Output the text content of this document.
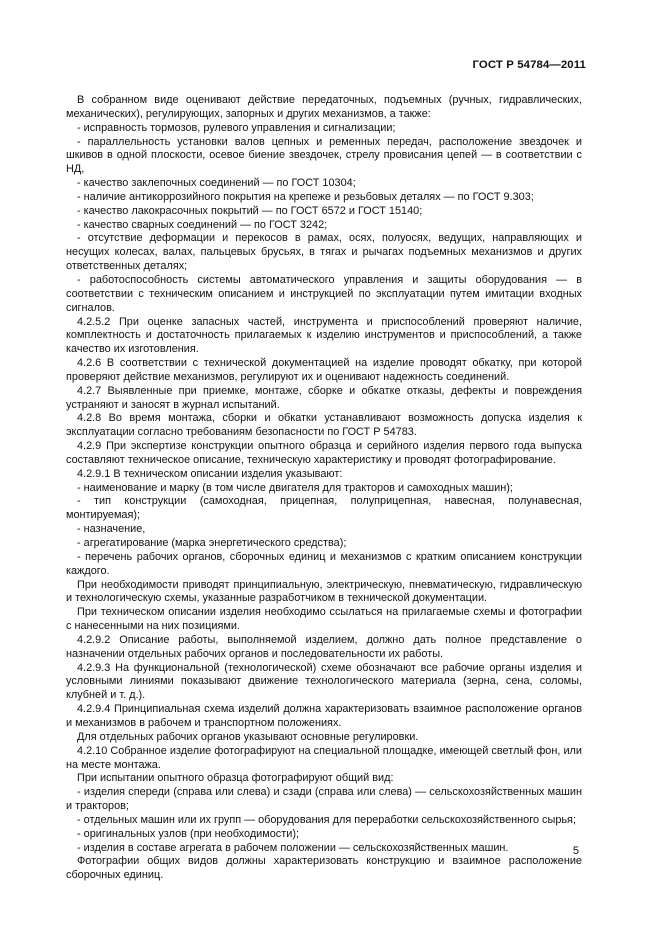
ГОСТ Р 54784—2011

В собранном виде оценивают действие передаточных, подъемных (ручных, гидравлических, механических), регулирующих, запорных и других механизмов, а также:

- исправность тормозов, рулевого управления и сигнализации;

- параллельность установки валов цепных и ременных передач, расположение звездочек и шкивов в одной плоскости, осевое биение звездочек, стрелу провисания цепей — в соответствии с НД,

- качество заклепочных соединений — по ГОСТ 10304;

- наличие антикоррозийного покрытия на крепеже и резьбовых деталях — по ГОСТ 9.303;

- качество лакокрасочных покрытий — по ГОСТ 6572 и ГОСТ 15140;

- качество сварных соединений — по ГОСТ 3242;

- отсутствие деформации и перекосов в рамах, осях, полуосях, ведущих, направляющих и несущих колесах, валах, пальцевых брусьях, в тягах и рычагах подъемных механизмов и других ответственных деталях;

- работоспособность системы автоматического управления и защиты оборудования — в соответствии с техническим описанием и инструкцией по эксплуатации путем имитации входных сигналов.

4.2.5.2 При оценке запасных частей, инструмента и приспособлений проверяют наличие, комплектность и достаточность прилагаемых к изделию инструментов и приспособлений, а также качество их изготовления.

4.2.6 В соответствии с технической документацией на изделие проводят обкатку, при которой проверяют действие механизмов, регулируют их и оценивают надежность соединений.

4.2.7 Выявленные при приемке, монтаже, сборке и обкатке отказы, дефекты и повреждения устраняют и заносят в журнал испытаний.

4.2.8 Во время монтажа, сборки и обкатки устанавливают возможность допуска изделия к эксплуатации согласно требованиям безопасности по ГОСТ Р 54783.

4.2.9 При экспертизе конструкции опытного образца и серийного изделия первого года выпуска составляют техническое описание, техническую характеристику и проводят фотографирование.

4.2.9.1 В техническом описании изделия указывают:

- наименование и марку (в том числе двигателя для тракторов и самоходных машин);

- тип конструкции (самоходная, прицепная, полуприцепная, навесная, полунавесная, монтируемая);

- назначение,

- агрегатирование (марка энергетического средства);

- перечень рабочих органов, сборочных единиц и механизмов с кратким описанием конструкции каждого.

При необходимости приводят принципиальную, электрическую, пневматическую, гидравлическую и технологическую схемы, указанные разработчиком в технической документации.

При техническом описании изделия необходимо ссылаться на прилагаемые схемы и фотографии с нанесенными на них позициями.

4.2.9.2 Описание работы, выполняемой изделием, должно дать полное представление о назначении отдельных рабочих органов и последовательности их работы.

4.2.9.3 На функциональной (технологической) схеме обозначают все рабочие органы изделия и условными линиями показывают движение технологического материала (зерна, сена, соломы, клубней и т. д.).

4.2.9.4 Принципиальная схема изделий должна характеризовать взаимное расположение органов и механизмов в рабочем и транспортном положениях.

Для отдельных рабочих органов указывают основные регулировки.

4.2.10 Собранное изделие фотографируют на специальной площадке, имеющей светлый фон, или на месте монтажа.

При испытании опытного образца фотографируют общий вид:

- изделия спереди (справа или слева) и сзади (справа или слева) — сельскохозяйственных машин и тракторов;

- отдельных машин или их групп — оборудования для переработки сельскохозяйственного сырья;

- оригинальных узлов (при необходимости);

- изделия в составе агрегата в рабочем положении — сельскохозяйственных машин.

Фотографии общих видов должны характеризовать конструкцию и взаимное расположение сборочных единиц.

5
